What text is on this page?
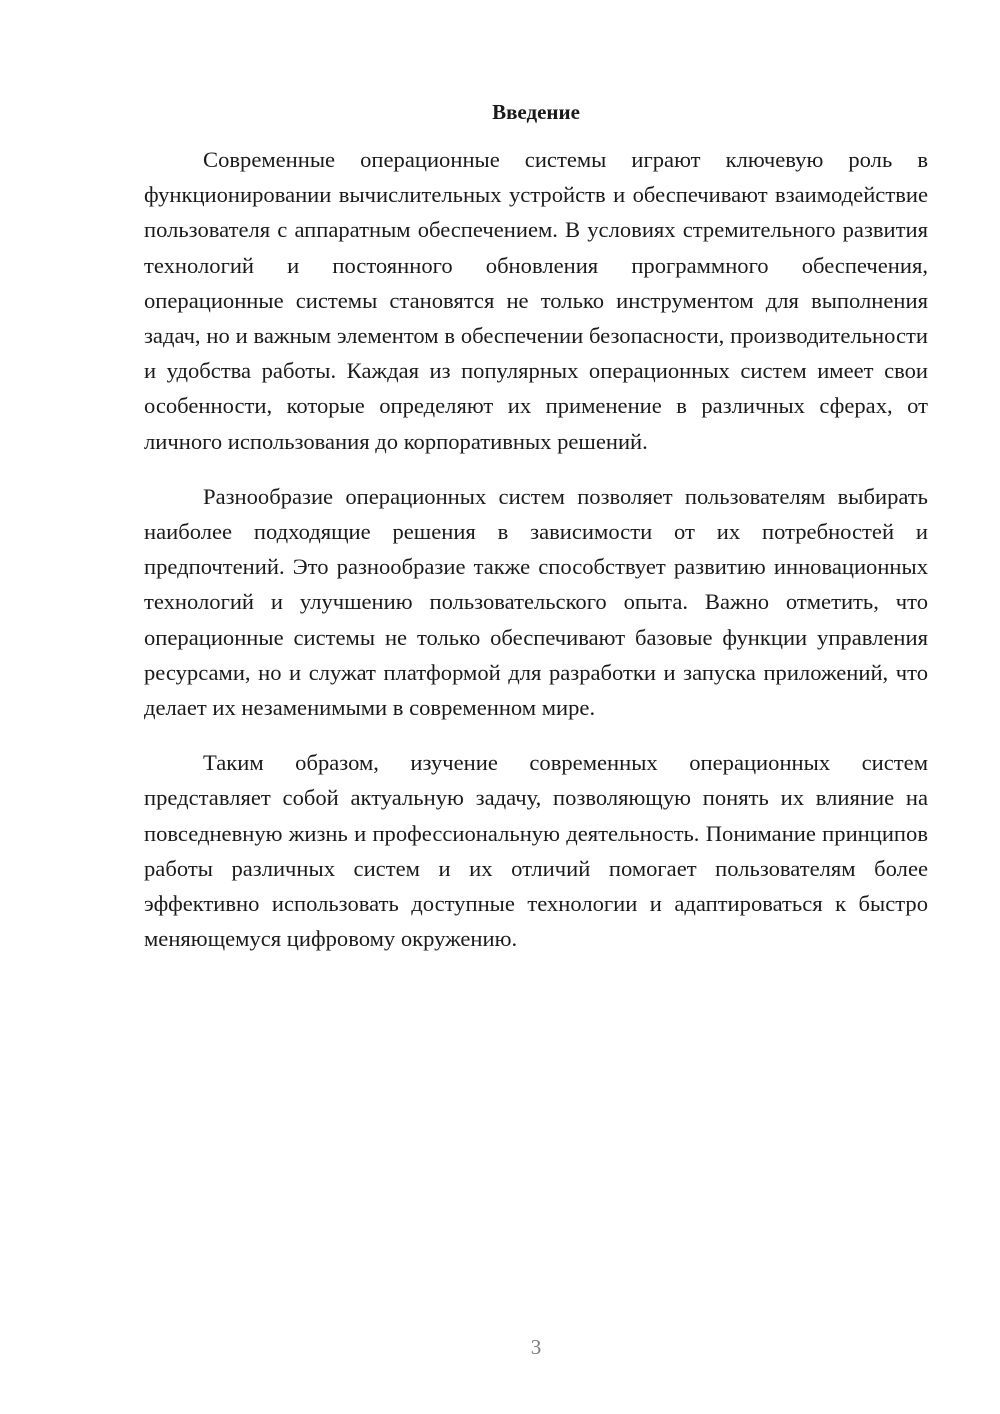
Введение

Современные операционные системы играют ключевую роль в функционировании вычислительных устройств и обеспечивают взаимодействие пользователя с аппаратным обеспечением. В условиях стремительного развития технологий и постоянного обновления программного обеспечения, операционные системы становятся не только инструментом для выполнения задач, но и важным элементом в обеспечении безопасности, производительности и удобства работы. Каждая из популярных операционных систем имеет свои особенности, которые определяют их применение в различных сферах, от личного использования до корпоративных решений.

Разнообразие операционных систем позволяет пользователям выбирать наиболее подходящие решения в зависимости от их потребностей и предпочтений. Это разнообразие также способствует развитию инновационных технологий и улучшению пользовательского опыта. Важно отметить, что операционные системы не только обеспечивают базовые функции управления ресурсами, но и служат платформой для разработки и запуска приложений, что делает их незаменимыми в современном мире.

Таким образом, изучение современных операционных систем представляет собой актуальную задачу, позволяющую понять их влияние на повседневную жизнь и профессиональную деятельность. Понимание принципов работы различных систем и их отличий помогает пользователям более эффективно использовать доступные технологии и адаптироваться к быстро меняющемуся цифровому окружению.

3
